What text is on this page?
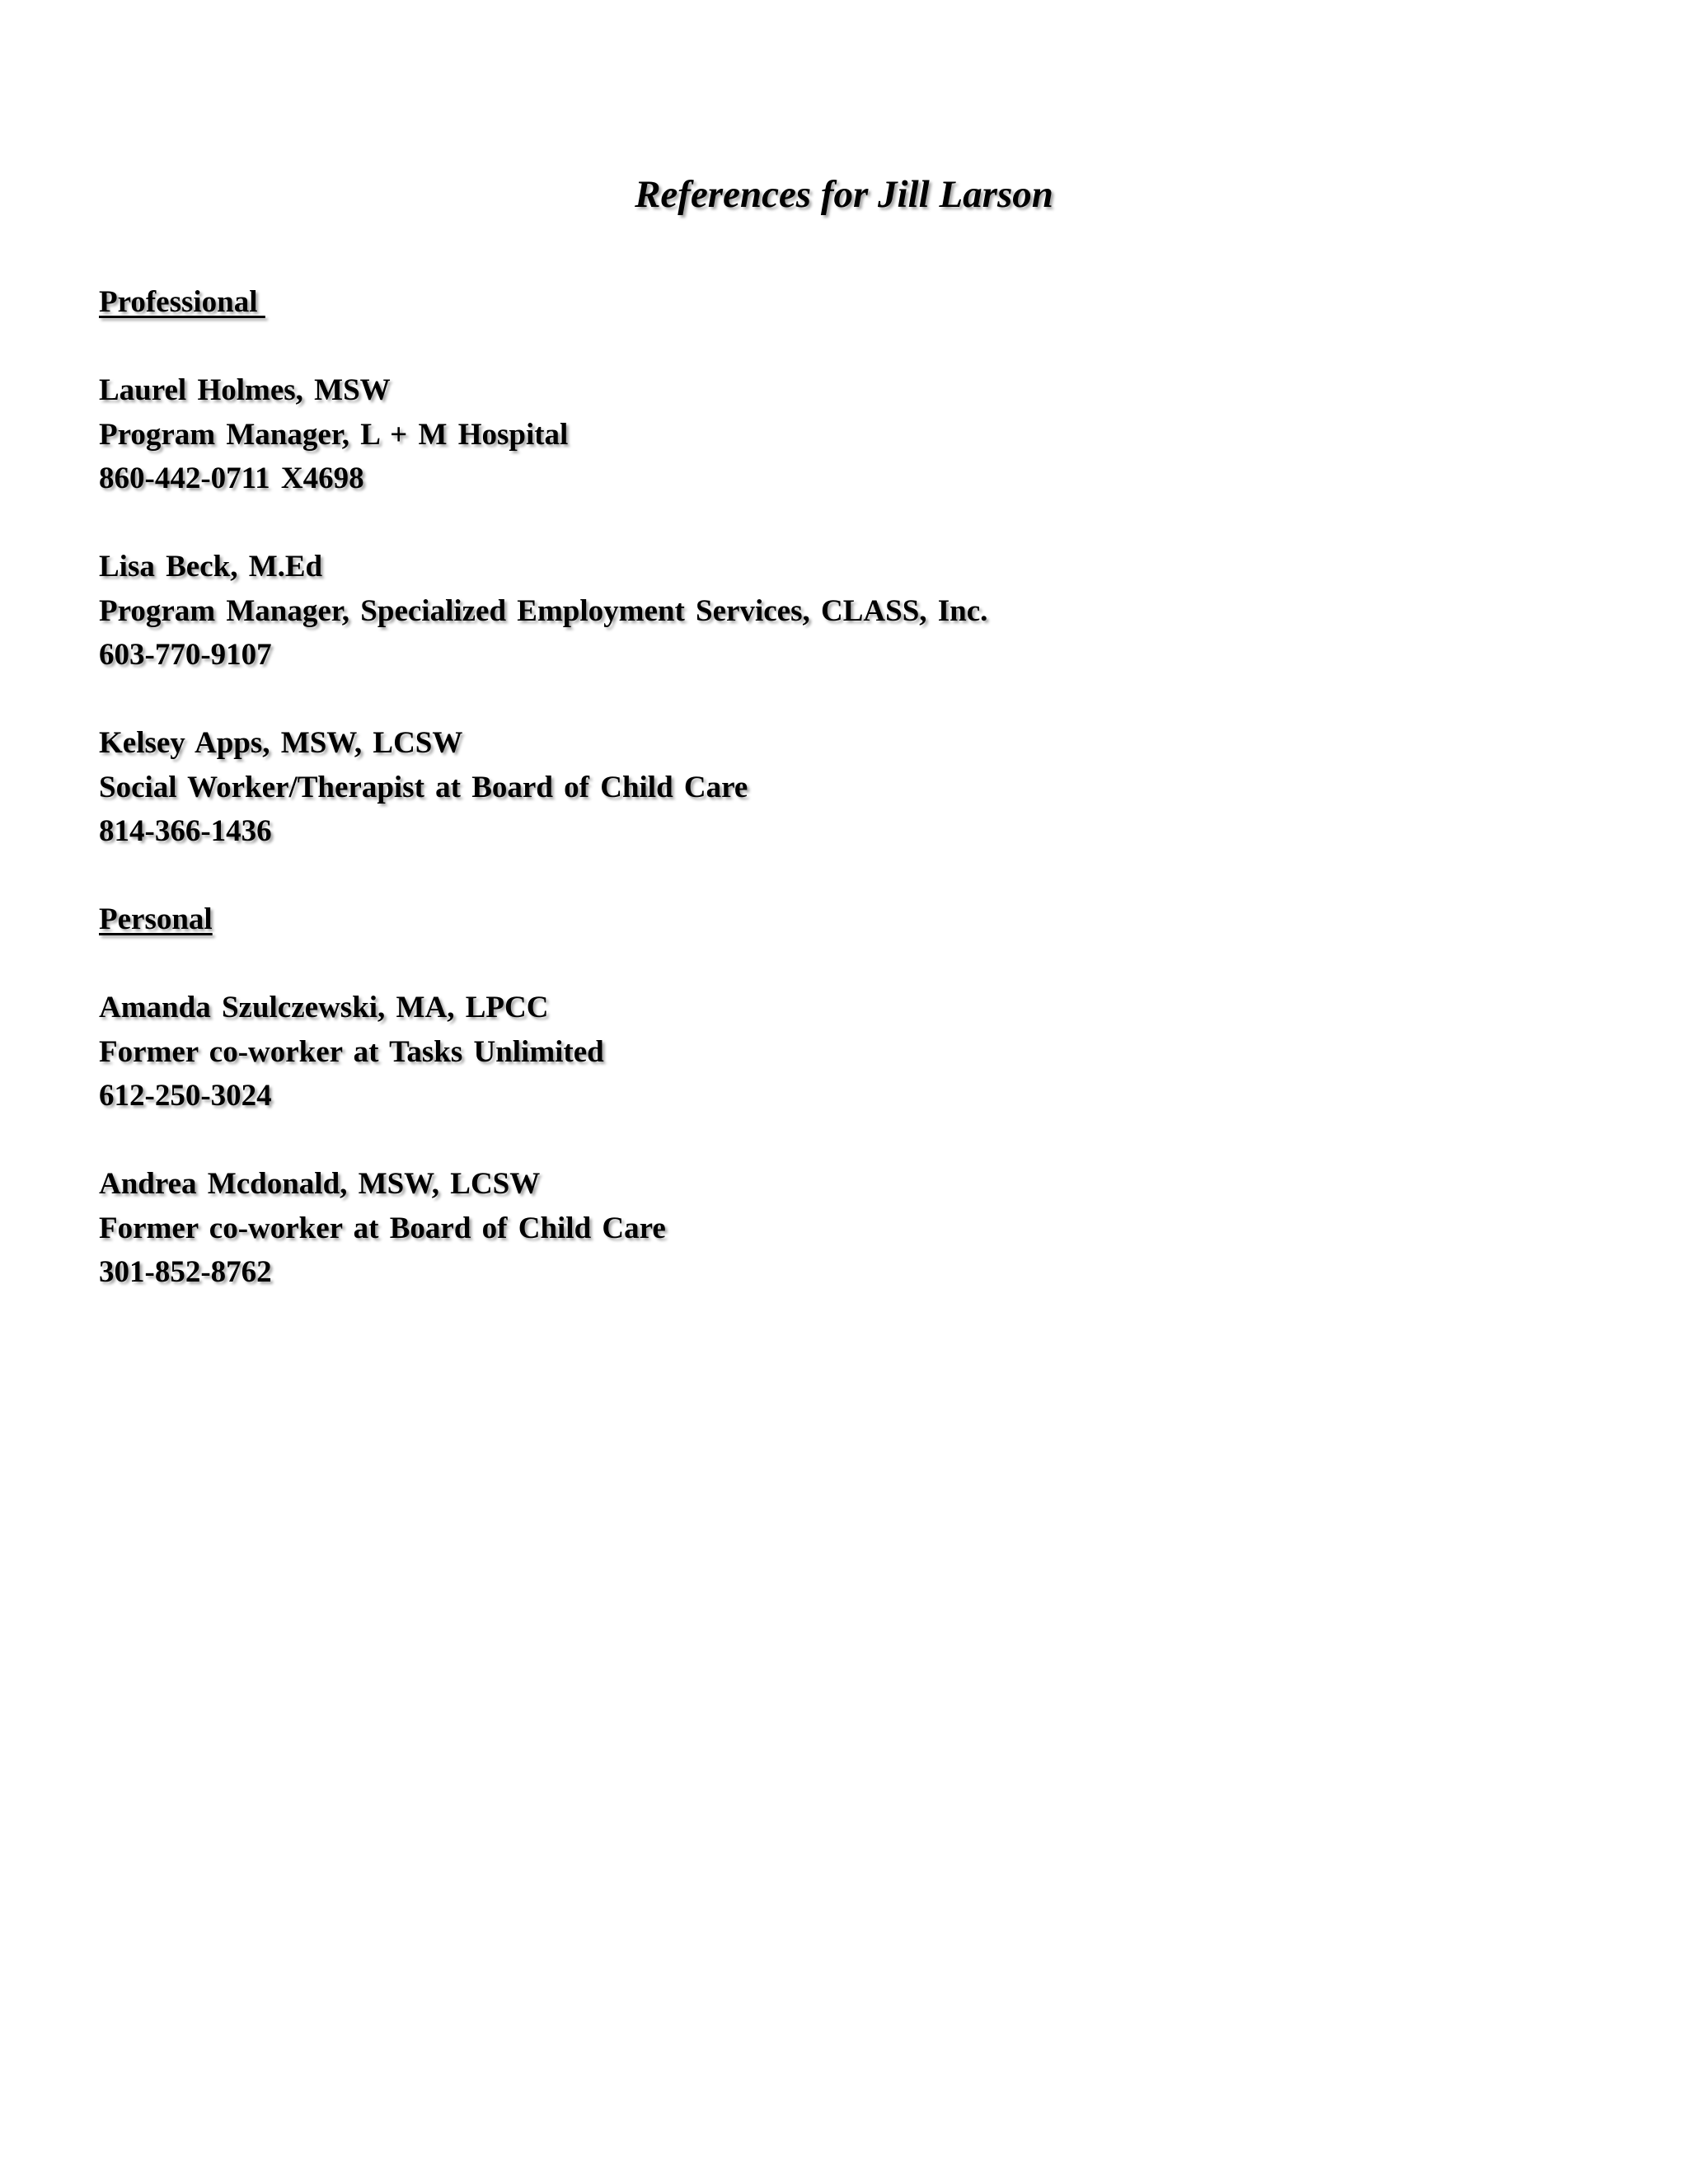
References for Jill Larson

Professional

Laurel Holmes, MSW
Program Manager, L + M Hospital
860-442-0711 X4698
Lisa Beck, M.Ed
Program Manager, Specialized Employment Services, CLASS, Inc.
603-770-9107
Kelsey Apps, MSW, LCSW
Social Worker/Therapist at Board of Child Care
814-366-1436

Personal

Amanda Szulczewski, MA, LPCC
Former co-worker at Tasks Unlimited
612-250-3024
Andrea Mcdonald, MSW, LCSW
Former co-worker at Board of Child Care
301-852-8762
